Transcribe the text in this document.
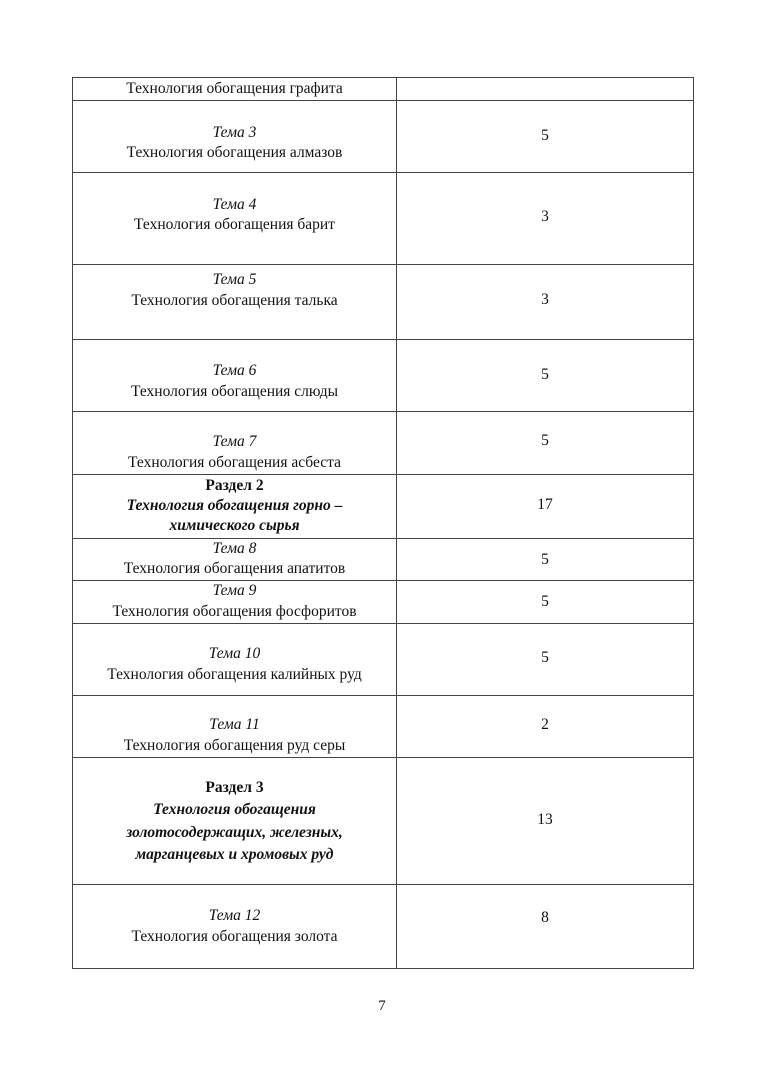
Технология обогащения графита	

Тема 3
Технология обогащения алмазов	5

Тема 4
Технология обогащения барит	3

Тема 5
Технология обогащения талька	3

Тема 6
Технология обогащения слюды	5

Тема 7
Технология обогащения асбеста	5

Раздел 2
Технология обогащения горно –
химического сырья	17

Тема 8
Технология обогащения апатитов	5

Тема 9
Технология обогащения фосфоритов	5

Тема 10
Технология обогащения калийных руд	5

Тема 11
Технология обогащения руд серы	2

Раздел 3
Технология обогащения
золотосодержащих, железных,
марганцевых и хромовых руд	13

Тема 12
Технология обогащения золота	8
7
